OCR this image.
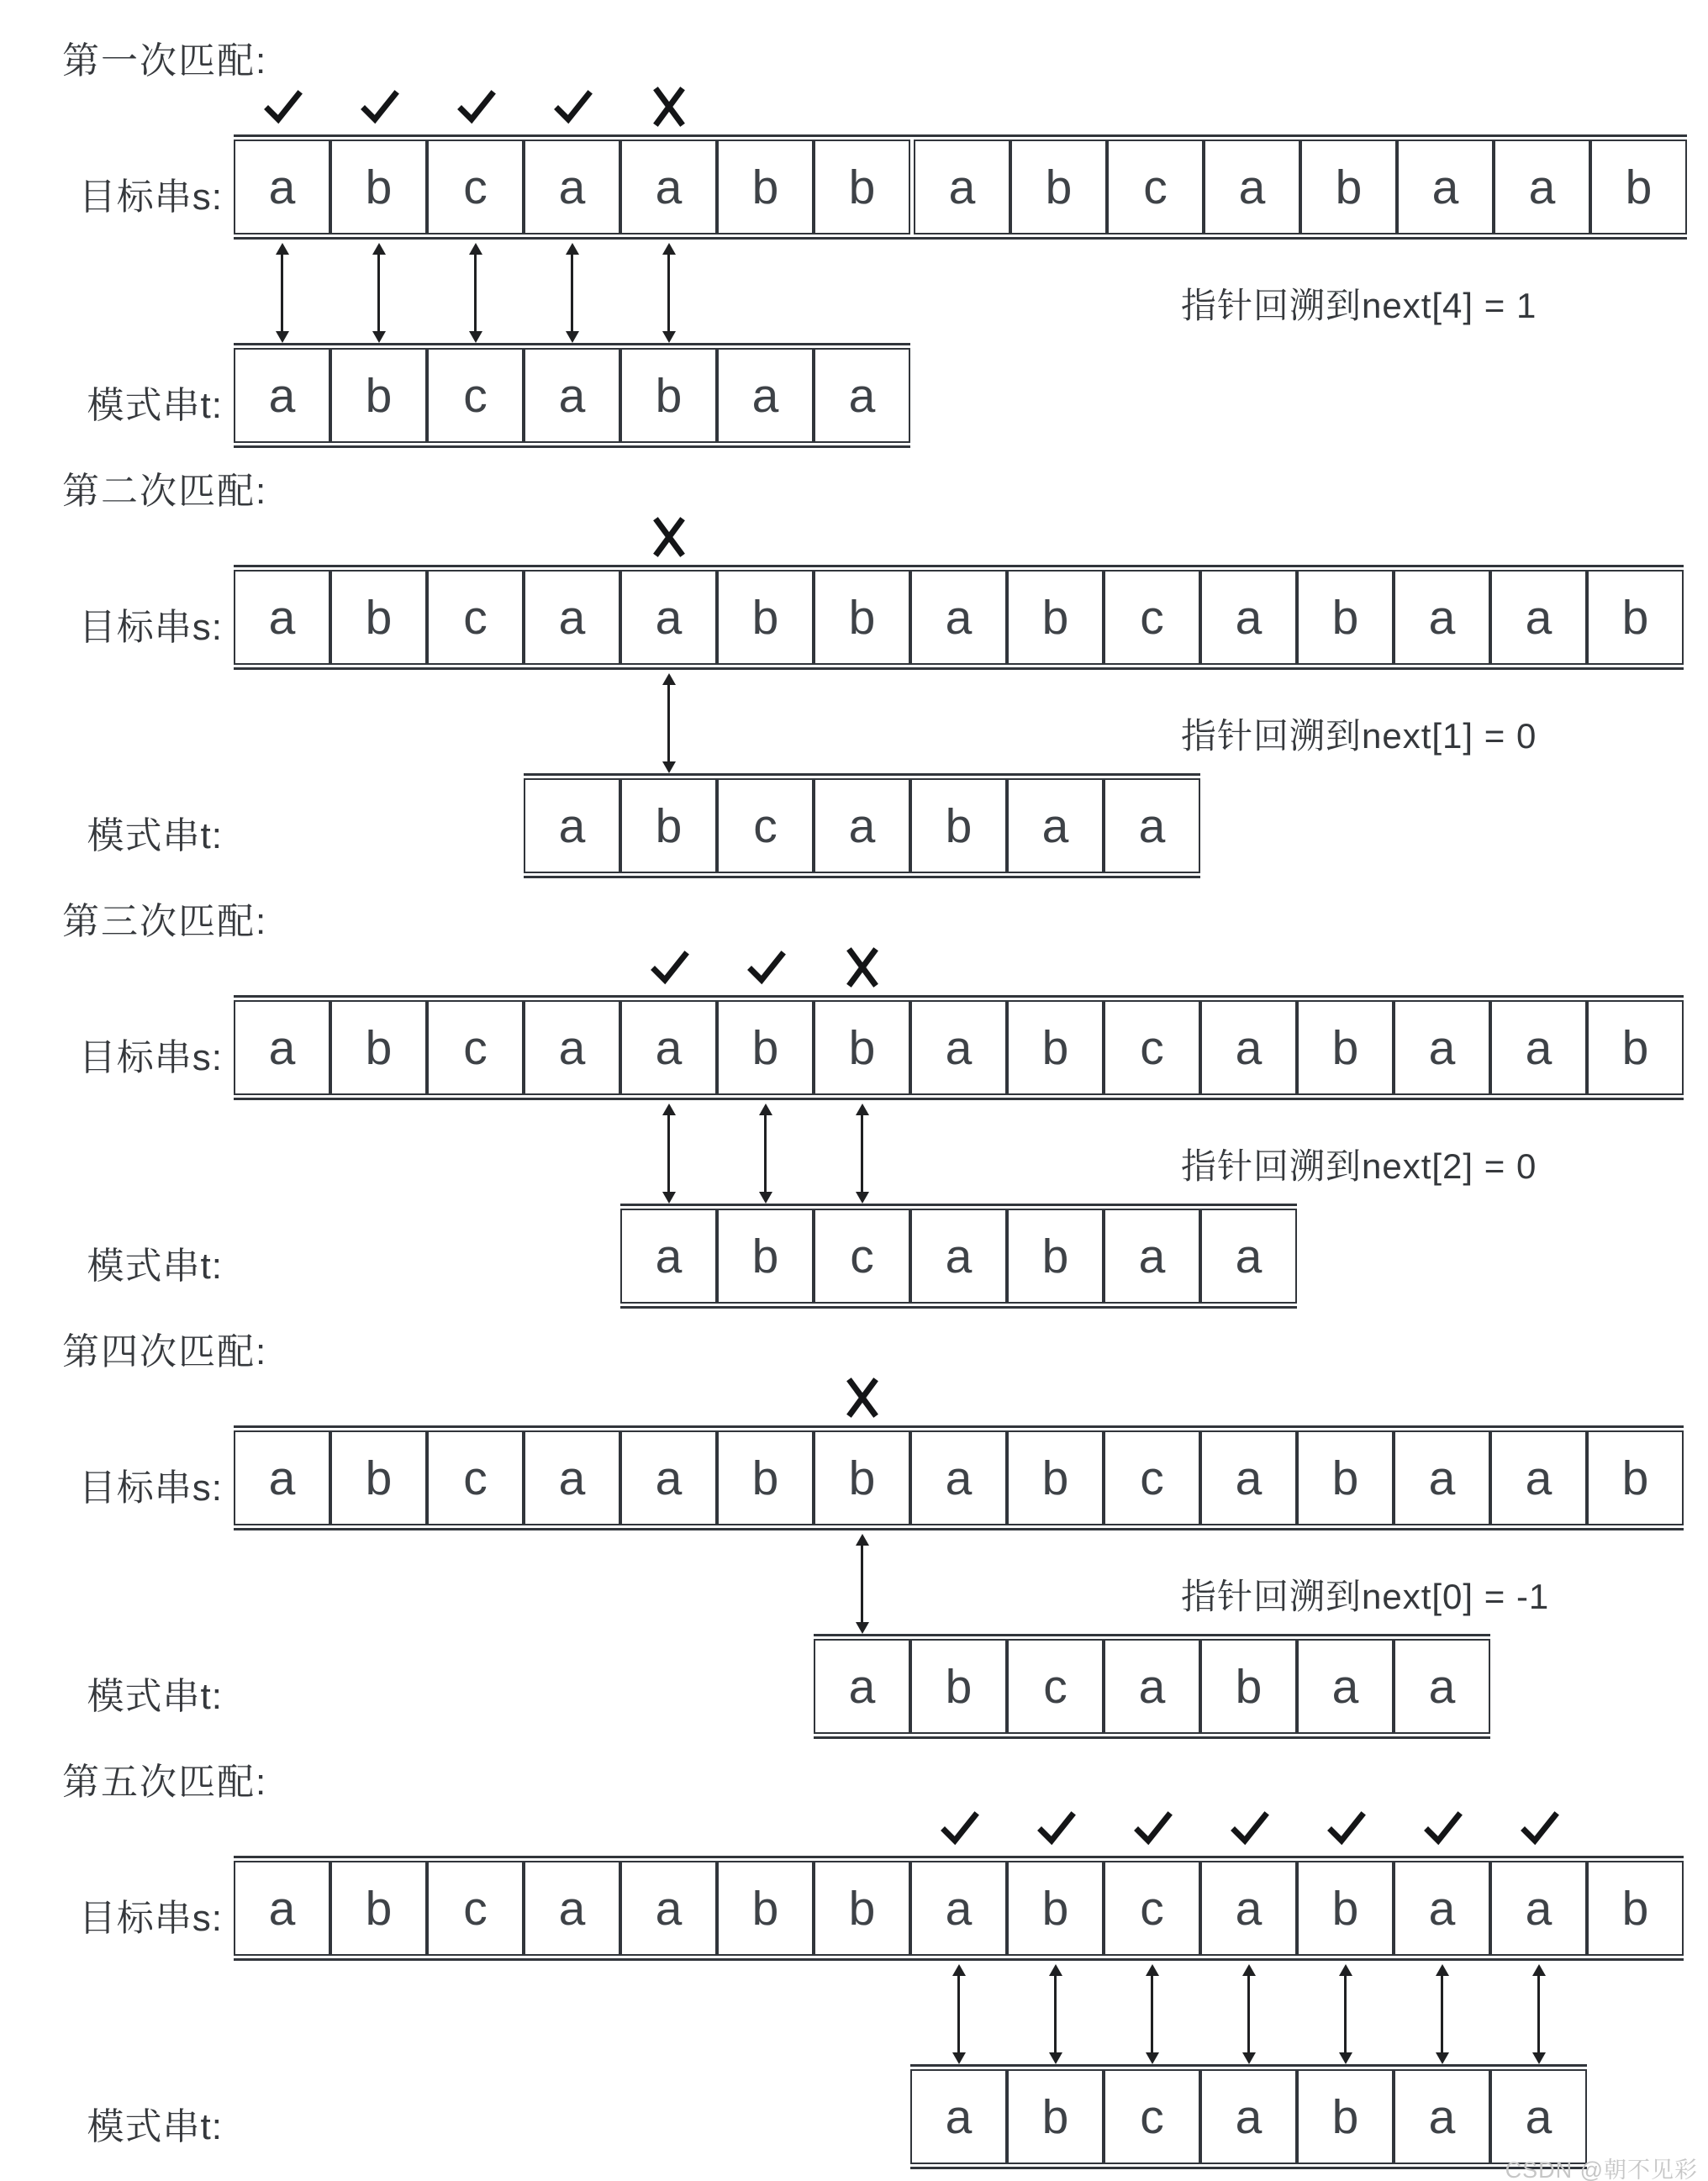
第一次匹配:
目标串s: a	b	c	a	a	b	b	a	b	c	a	b	a	a	b
指针回溯到next[4] = 1
模式串t: a	b	c	a	b	a	a
第二次匹配:
目标串s: a	b	c	a	a	b	b	a	b	c	a	b	a	a	b
指针回溯到next[1] = 0
模式串t:	a	b	c	a	b	a	a
第三次匹配:
目标串s: a	b	c	a	a	b	b	a	b	c	a	b	a	a	b
指针回溯到next[2] = 0
模式串t:	a	b	c	a	b	a	a
第四次匹配:
目标串s: a	b	c	a	a	b	b	a	b	c	a	b	a	a	b
指针回溯到next[0] = -1
模式串t:	a	b	c	a	b	a	a
第五次匹配:
目标串s: a	b	c	a	a	b	b	a	b	c	a	b	a	a	b
模式串t:	a	b	c	a	b	a	a
CSDN @朝不见彩
